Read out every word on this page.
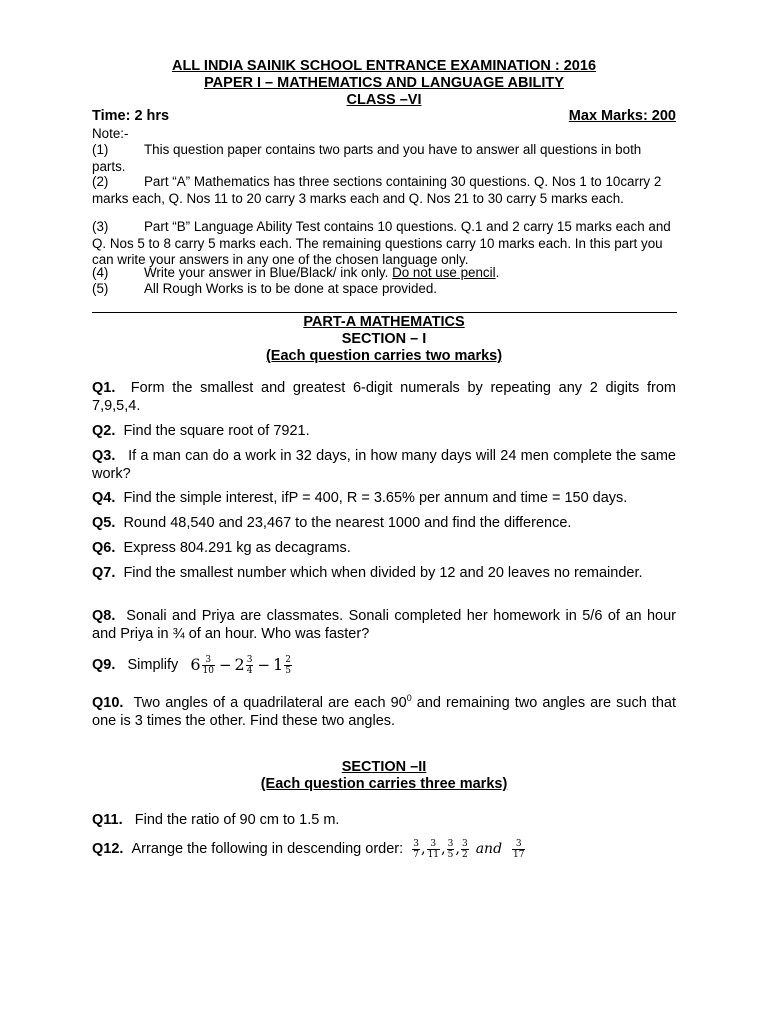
ALL INDIA SAINIK SCHOOL ENTRANCE EXAMINATION : 2016
PAPER I – MATHEMATICS AND LANGUAGE ABILITY
CLASS –VI
Time: 2 hrs	Max Marks: 200
Note:-
(1)	This question paper contains two parts and you have to answer all questions in both parts.
(2)	Part “A” Mathematics has three sections containing 30 questions. Q. Nos 1 to 10carry 2 marks each, Q. Nos 11 to 20 carry 3 marks each and Q. Nos 21 to 30 carry 5 marks each.
(3)	Part “B” Language Ability Test contains 10 questions. Q.1 and 2 carry 15 marks each and Q. Nos 5 to 8 carry 5 marks each. The remaining questions carry 10 marks each. In this part you can write your answers in any one of the chosen language only.
(4)	Write your answer in Blue/Black/ ink only. Do not use pencil.
(5)	All Rough Works is to be done at space provided.
PART-A MATHEMATICS
SECTION – I
(Each question carries two marks)
Q1. Form the smallest and greatest 6-digit numerals by repeating any 2 digits from 7,9,5,4.
Q2. Find the square root of 7921.
Q3. If a man can do a work in 32 days, in how many days will 24 men complete the same work?
Q4. Find the simple interest, ifP = 400, R = 3.65% per annum and time = 150 days.
Q5. Round 48,540 and 23,467 to the nearest 1000 and find the difference.
Q6. Express 804.291 kg as decagrams.
Q7. Find the smallest number which when divided by 12 and 20 leaves no remainder.
Q8. Sonali and Priya are classmates. Sonali completed her homework in 5/6 of an hour and Priya in ¾ of an hour. Who was faster?
Q9. Simplify $6 \frac{3}{10} - 2 \frac{3}{4} - 1 \frac{2}{5}$
Q10. Two angles of a quadrilateral are each $90^0$ and remaining two angles are such that one is 3 times the other. Find these two angles.
SECTION –II
(Each question carries three marks)
Q11. Find the ratio of 90 cm to 1.5 m.
Q12. Arrange the following in descending order: $\frac{3}{7}$ , $\frac{3}{11}$ , $\frac{3}{5}$ , $\frac{3}{2}$ and $\frac{3}{17}$
